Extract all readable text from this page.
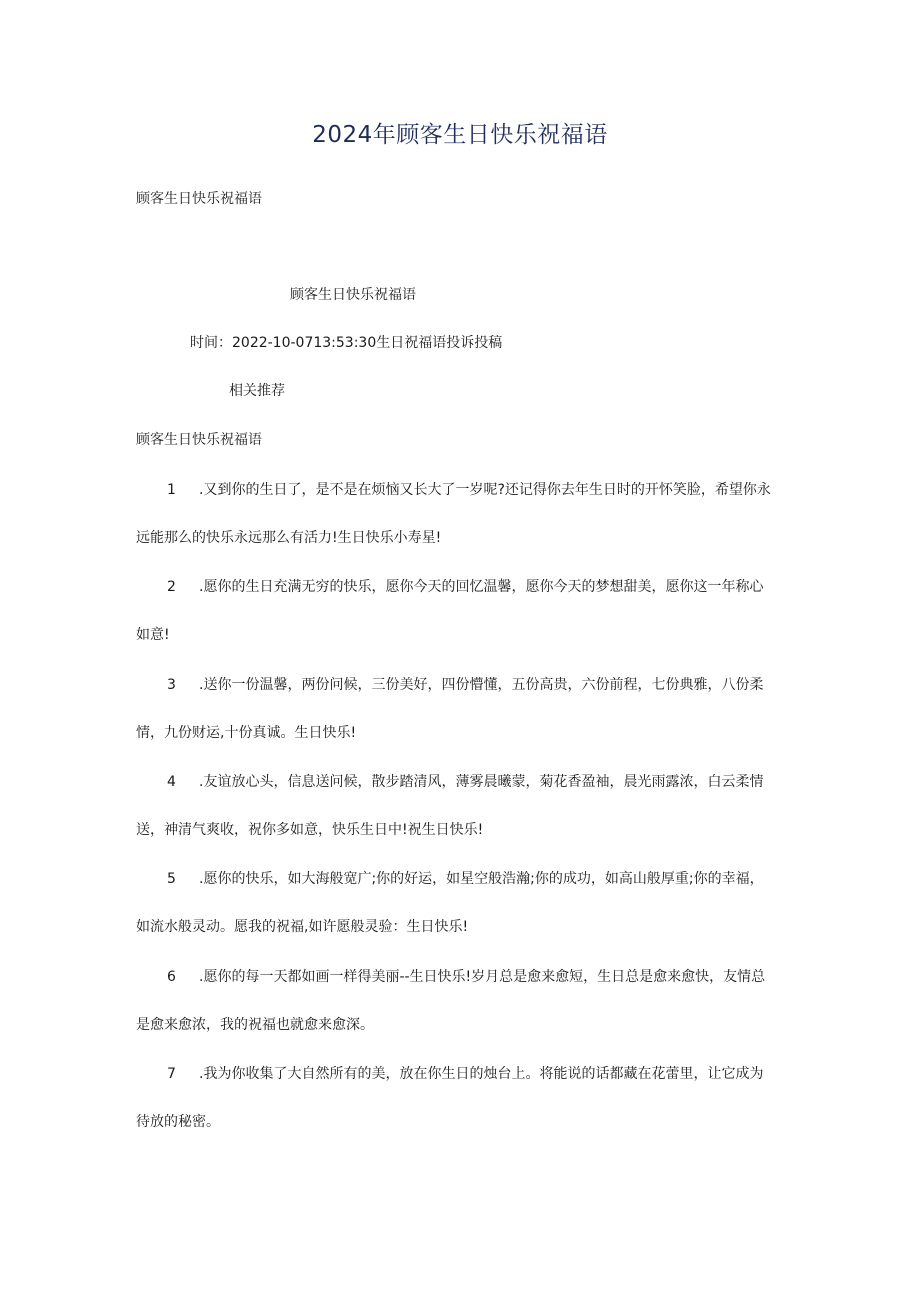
2024年顾客生日快乐祝福语
顾客生日快乐祝福语
顾客生日快乐祝福语
时间：2022-10-0713:53:30生日祝福语投诉投稿
相关推荐
顾客生日快乐祝福语
1 .又到你的生日了，是不是在烦恼又长大了一岁呢?还记得你去年生日时的开怀笑脸，希望你永
远能那么的快乐永远那么有活力!生日快乐小寿星!
2 .愿你的生日充满无穷的快乐，愿你今天的回忆温馨，愿你今天的梦想甜美，愿你这一年称心
如意!
3 .送你一份温馨，两份问候，三份美好，四份懵懂，五份高贵，六份前程，七份典雅，八份柔
情，九份财运,十份真诚。生日快乐!
4 .友谊放心头，信息送问候，散步踏清风，薄雾晨曦蒙，菊花香盈袖，晨光雨露浓，白云柔情
送，神清气爽收，祝你多如意，快乐生日中!祝生日快乐!
5 .愿你的快乐，如大海般宽广;你的好运，如星空般浩瀚;你的成功，如高山般厚重;你的幸福，
如流水般灵动。愿我的祝福,如许愿般灵验：生日快乐!
6 .愿你的每一天都如画一样得美丽--生日快乐!岁月总是愈来愈短，生日总是愈来愈快，友情总
是愈来愈浓，我的祝福也就愈来愈深。
7 .我为你收集了大自然所有的美，放在你生日的烛台上。将能说的话都藏在花蕾里，让它成为
待放的秘密。
